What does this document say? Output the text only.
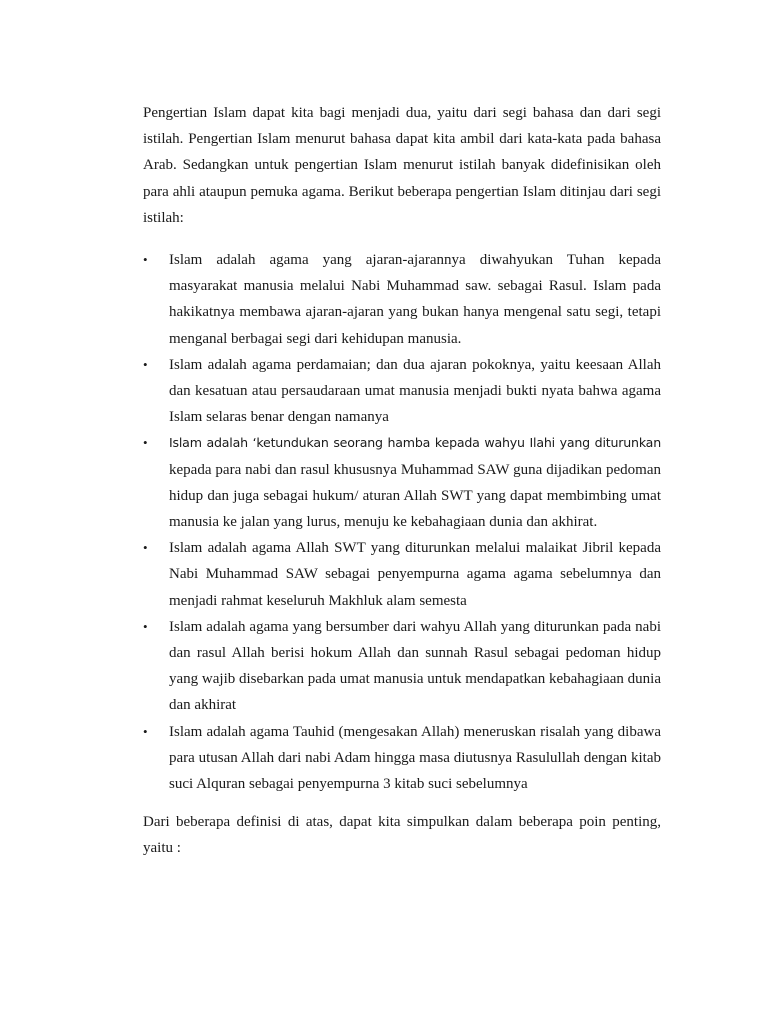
Pengertian Islam dapat kita bagi menjadi dua, yaitu dari segi bahasa dan dari segi istilah. Pengertian Islam menurut bahasa dapat kita ambil dari kata-kata pada bahasa Arab. Sedangkan untuk pengertian Islam menurut istilah banyak didefinisikan oleh para ahli ataupun pemuka agama. Berikut beberapa pengertian Islam ditinjau dari segi istilah:

• Islam adalah agama yang ajaran-ajarannya diwahyukan Tuhan kepada masyarakat manusia melalui Nabi Muhammad saw. sebagai Rasul. Islam pada hakikatnya membawa ajaran-ajaran yang bukan hanya mengenal satu segi, tetapi menganal berbagai segi dari kehidupan manusia.
• Islam adalah agama perdamaian; dan dua ajaran pokoknya, yaitu keesaan Allah dan kesatuan atau persaudaraan umat manusia menjadi bukti nyata bahwa agama Islam selaras benar dengan namanya
• Islam adalah ‘ketundukan seorang hamba kepada wahyu Ilahi yang diturunkan kepada para nabi dan rasul khususnya Muhammad SAW guna dijadikan pedoman hidup dan juga sebagai hukum/ aturan Allah SWT yang dapat membimbing umat manusia ke jalan yang lurus, menuju ke kebahagiaan dunia dan akhirat.
• Islam adalah agama Allah SWT yang diturunkan melalui malaikat Jibril kepada Nabi Muhammad SAW sebagai penyempurna agama agama sebelumnya dan menjadi rahmat keseluruh Makhluk alam semesta
• Islam adalah agama yang bersumber dari wahyu Allah yang diturunkan pada nabi dan rasul Allah berisi hokum Allah dan sunnah Rasul sebagai pedoman hidup yang wajib disebarkan pada umat manusia untuk mendapatkan kebahagiaan dunia dan akhirat
• Islam adalah agama Tauhid (mengesakan Allah) meneruskan risalah yang dibawa para utusan Allah dari nabi Adam hingga masa diutusnya Rasulullah dengan kitab suci Alquran sebagai penyempurna 3 kitab suci sebelumnya

Dari beberapa definisi di atas, dapat kita simpulkan dalam beberapa poin penting, yaitu :
